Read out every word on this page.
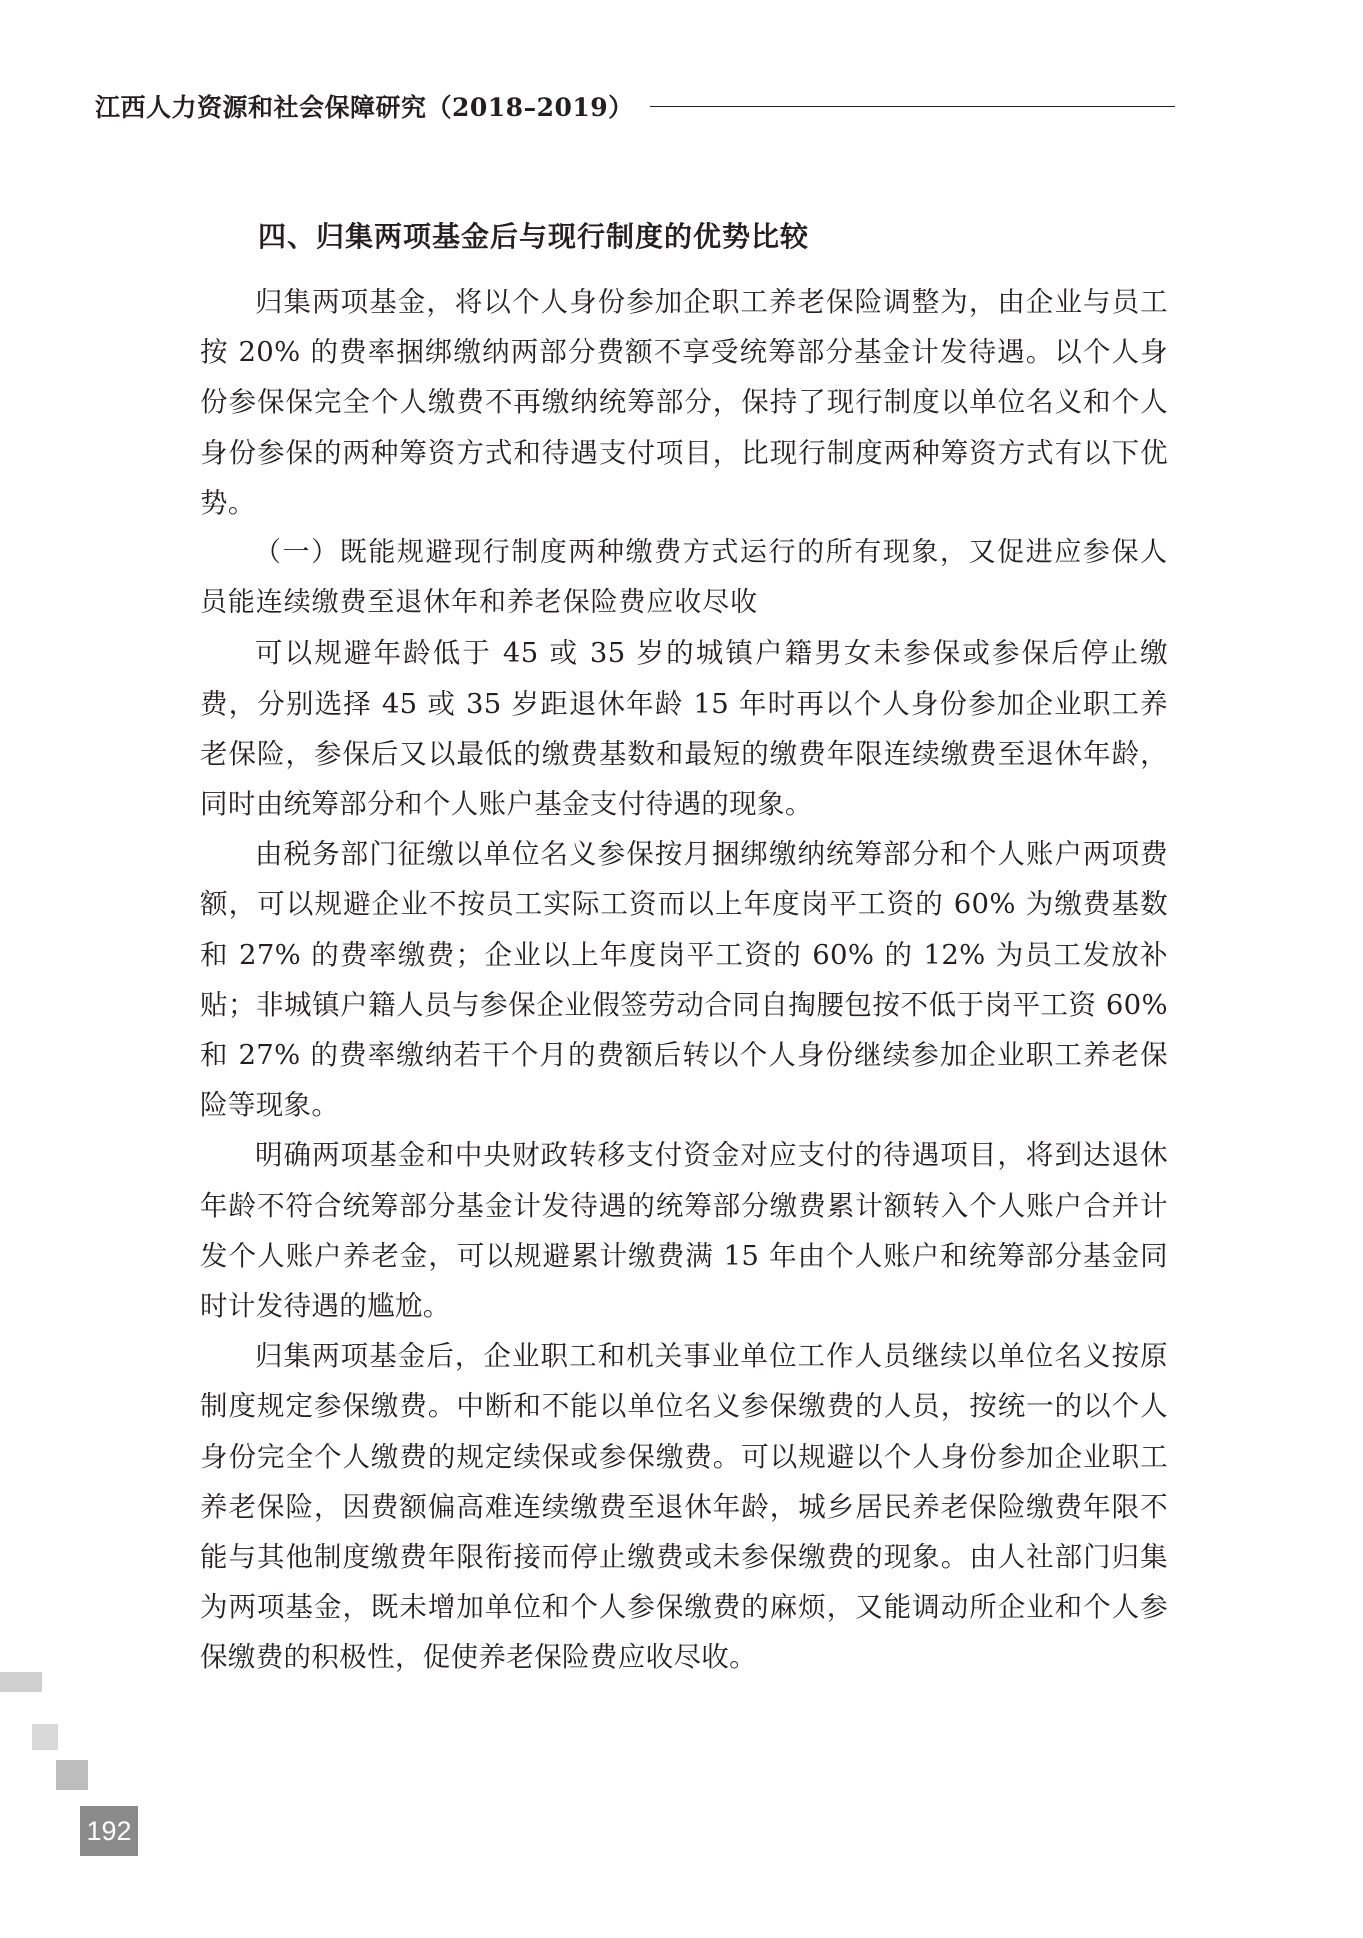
江西人力资源和社会保障研究（2018–2019）
四、归集两项基金后与现行制度的优势比较

归集两项基金，将以个人身份参加企职工养老保险调整为，由企业与员工按 20% 的费率捆绑缴纳两部分费额不享受统筹部分基金计发待遇。以个人身份参保保完全个人缴费不再缴纳统筹部分，保持了现行制度以单位名义和个人身份参保的两种筹资方式和待遇支付项目，比现行制度两种筹资方式有以下优势。

（一）既能规避现行制度两种缴费方式运行的所有现象，又促进应参保人员能连续缴费至退休年和养老保险费应收尽收

可以规避年龄低于 45 或 35 岁的城镇户籍男女未参保或参保后停止缴费，分别选择 45 或 35 岁距退休年龄 15 年时再以个人身份参加企业职工养老保险，参保后又以最低的缴费基数和最短的缴费年限连续缴费至退休年龄，同时由统筹部分和个人账户基金支付待遇的现象。

由税务部门征缴以单位名义参保按月捆绑缴纳统筹部分和个人账户两项费额，可以规避企业不按员工实际工资而以上年度岗平工资的 60% 为缴费基数和 27% 的费率缴费；企业以上年度岗平工资的 60% 的 12% 为员工发放补贴；非城镇户籍人员与参保企业假签劳动合同自掏腰包按不低于岗平工资 60% 和 27% 的费率缴纳若干个月的费额后转以个人身份继续参加企业职工养老保险等现象。

明确两项基金和中央财政转移支付资金对应支付的待遇项目，将到达退休年龄不符合统筹部分基金计发待遇的统筹部分缴费累计额转入个人账户合并计发个人账户养老金，可以规避累计缴费满 15 年由个人账户和统筹部分基金同时计发待遇的尴尬。

归集两项基金后，企业职工和机关事业单位工作人员继续以单位名义按原制度规定参保缴费。中断和不能以单位名义参保缴费的人员，按统一的以个人身份完全个人缴费的规定续保或参保缴费。可以规避以个人身份参加企业职工养老保险，因费额偏高难连续缴费至退休年龄，城乡居民养老保险缴费年限不能与其他制度缴费年限衔接而停止缴费或未参保缴费的现象。由人社部门归集为两项基金，既未增加单位和个人参保缴费的麻烦，又能调动所企业和个人参保缴费的积极性，促使养老保险费应收尽收。

192
